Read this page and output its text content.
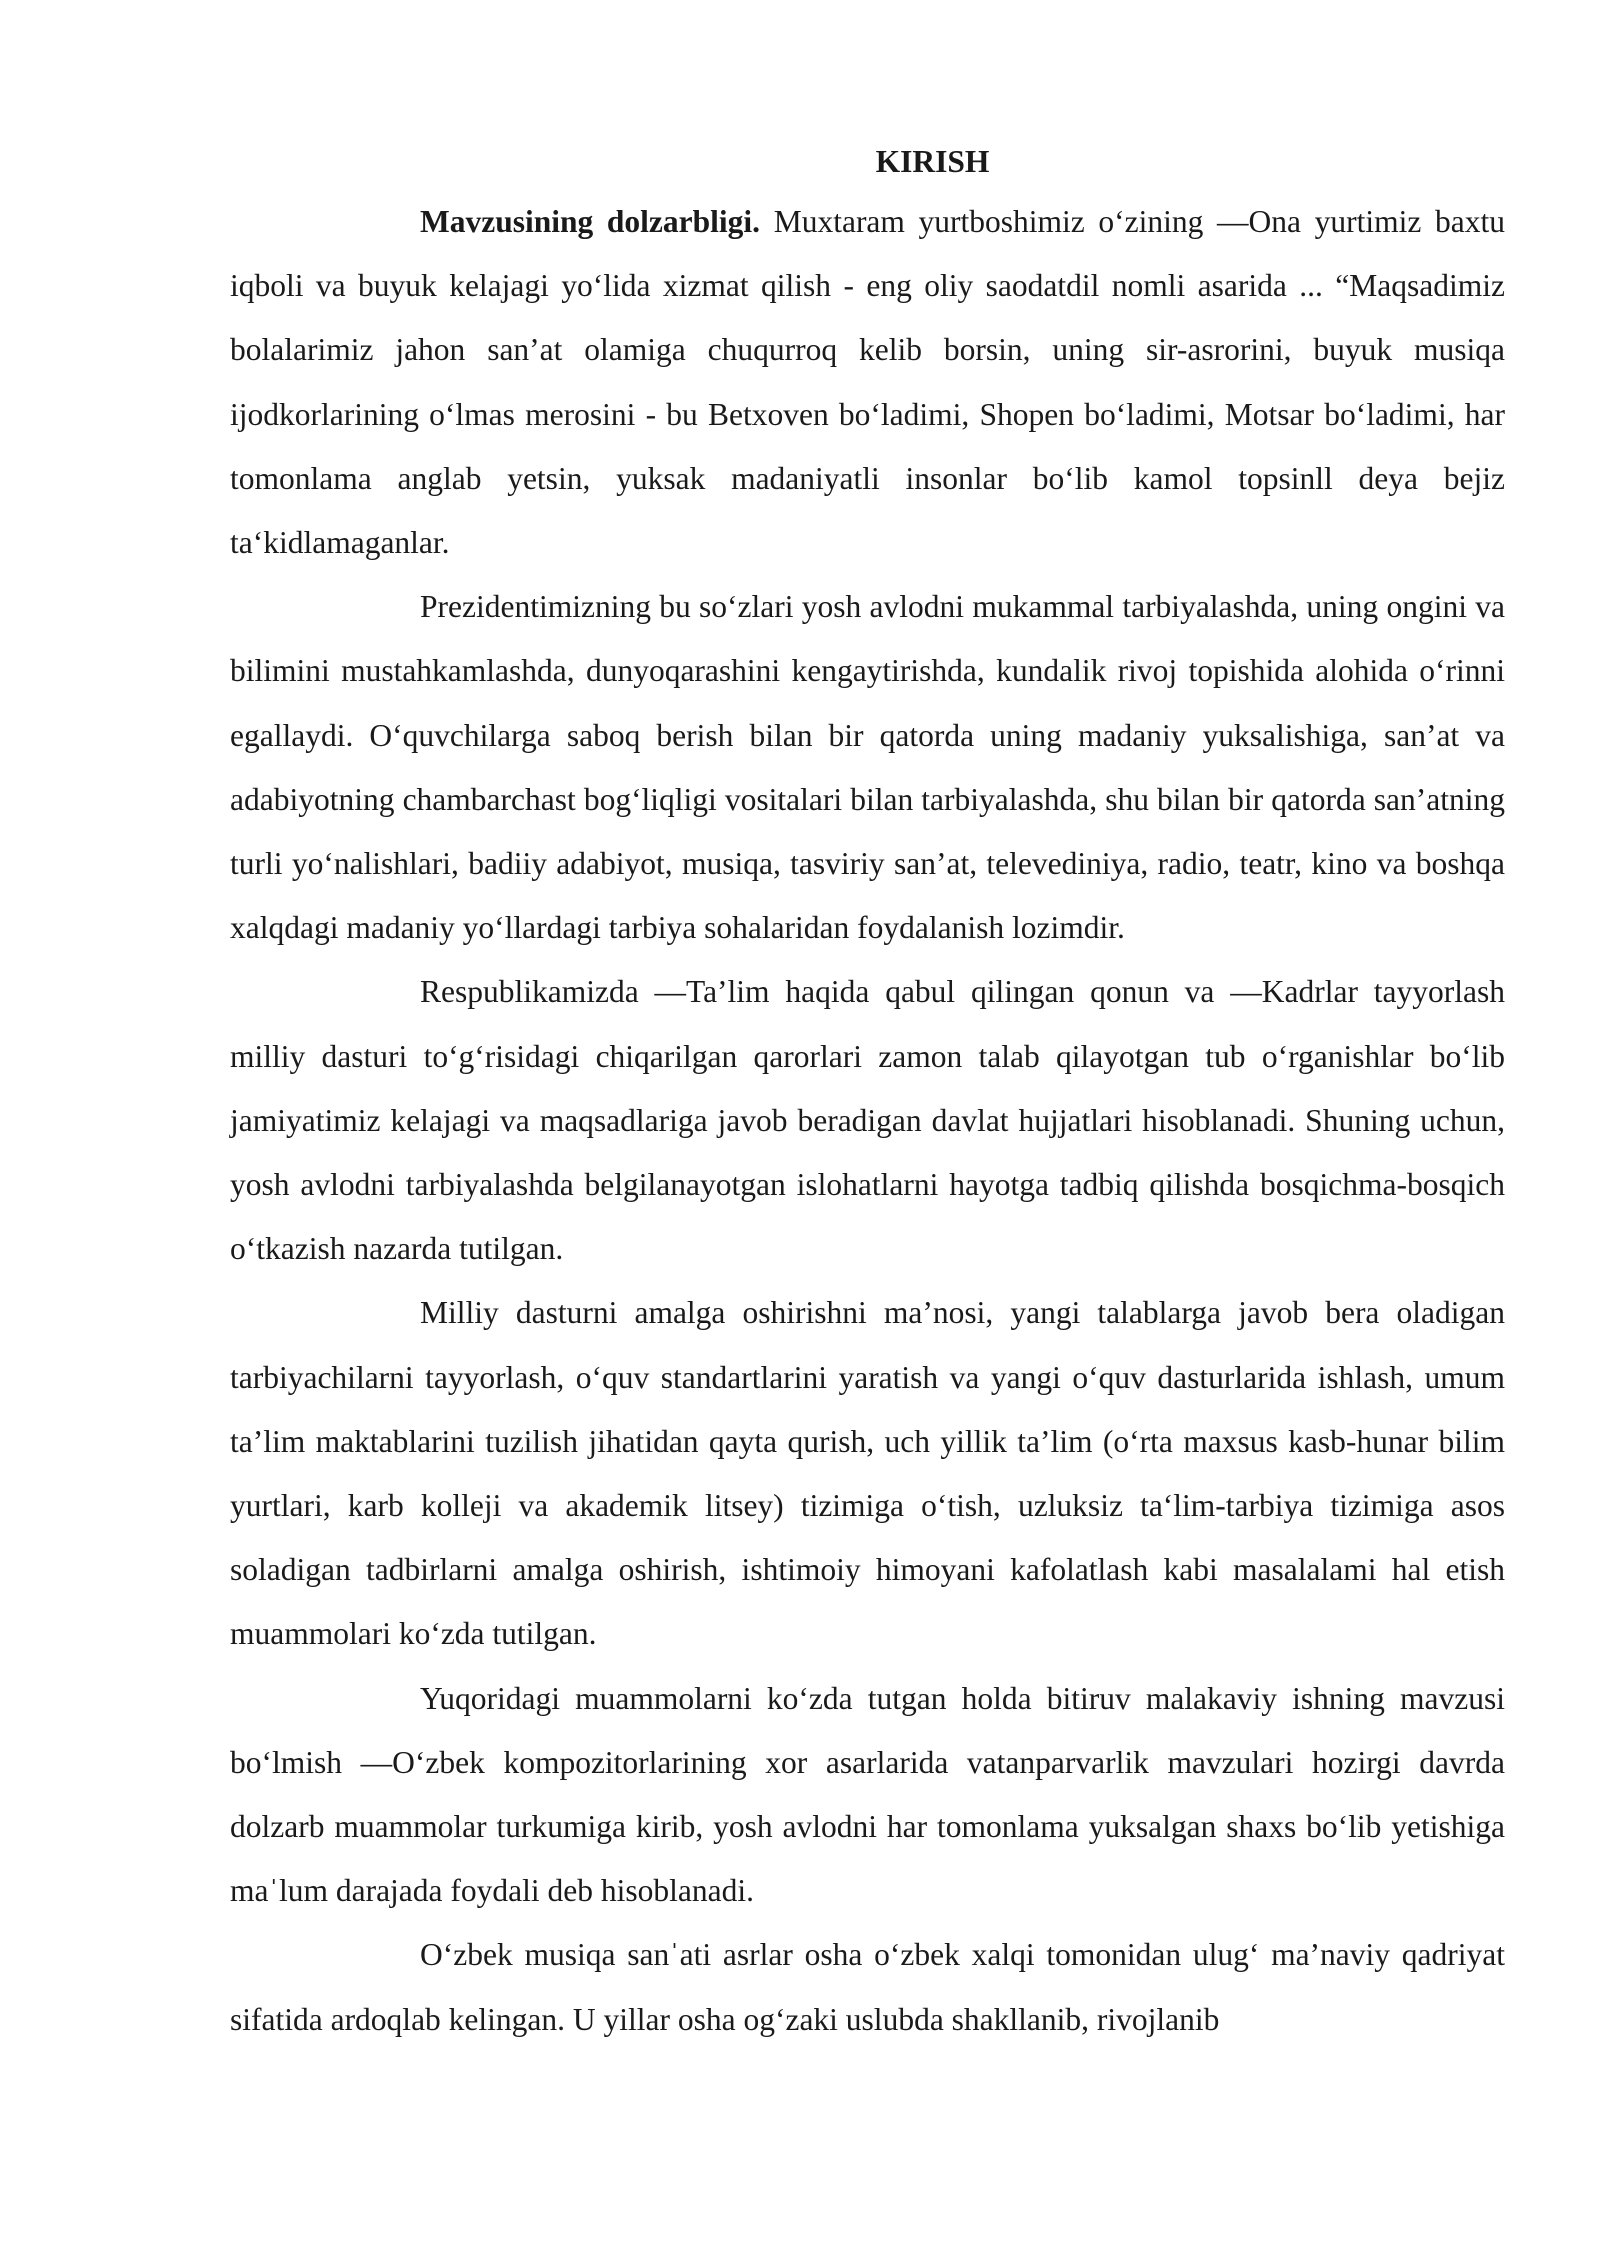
KIRISH

Mavzusining dolzarbligi. Muxtaram yurtboshimiz o‘zining ―Ona yurtimiz baxtu iqboli va buyuk kelajagi yo‘lida xizmat qilish - eng oliy saodatdil nomli asarida ... “Maqsadimiz bolalarimiz jahon san’at olamiga chuqurroq kelib borsin, uning sir-asrorini, buyuk musiqa ijodkorlarining o‘lmas merosini - bu Betxoven bo‘ladimi, Shopen bo‘ladimi, Motsar bo‘ladimi, har tomonlama anglab yetsin, yuksak madaniyatli insonlar bo‘lib kamol topsinll deya bejiz ta‘kidlamaganlar.

Prezidentimizning bu so‘zlari yosh avlodni mukammal tarbiyalashda, uning ongini va bilimini mustahkamlashda, dunyoqarashini kengaytirishda, kundalik rivoj topishida alohida o‘rinni egallaydi. O‘quvchilarga saboq berish bilan bir qatorda uning madaniy yuksalishiga, san’at va adabiyotning chambarchast bog‘liqligi vositalari bilan tarbiyalashda, shu bilan bir qatorda san’atning turli yo‘nalishlari, badiiy adabiyot, musiqa, tasviriy san’at, televediniya, radio, teatr, kino va boshqa xalqdagi madaniy yo‘llardagi tarbiya sohalaridan foydalanish lozimdir.

Respublikamizda ―Ta’lim haqida qabul qilingan qonun va ―Kadrlar tayyorlash milliy dasturi to‘g‘risidagi chiqarilgan qarorlari zamon talab qilayotgan tub o‘rganishlar bo‘lib jamiyatimiz kelajagi va maqsadlariga javob beradigan davlat hujjatlari hisoblanadi. Shuning uchun, yosh avlodni tarbiyalashda belgilanayotgan islohatlarni hayotga tadbiq qilishda bosqichma-bosqich o‘tkazish nazarda tutilgan.

Milliy dasturni amalga oshirishni ma’nosi, yangi talablarga javob bera oladigan tarbiyachilarni tayyorlash, o‘quv standartlarini yaratish va yangi o‘quv dasturlarida ishlash, umum ta’lim maktablarini tuzilish jihatidan qayta qurish, uch yillik ta’lim (o‘rta maxsus kasb-hunar bilim yurtlari, karb kolleji va akademik litsey) tizimiga o‘tish, uzluksiz ta‘lim-tarbiya tizimiga asos soladigan tadbirlarni amalga oshirish, ishtimoiy himoyani kafolatlash kabi masalalami hal etish muammolari ko‘zda tutilgan.

Yuqoridagi muammolarni ko‘zda tutgan holda bitiruv malakaviy ishning mavzusi bo‘lmish ―O‘zbek kompozitorlarining xor asarlarida vatanparvarlik mavzulari hozirgi davrda dolzarb muammolar turkumiga kirib, yosh avlodni har tomonlama yuksalgan shaxs bo‘lib yetishiga maˈlum darajada foydali deb hisoblanadi.

O‘zbek musiqa sanˈati asrlar osha o‘zbek xalqi tomonidan ulug‘ ma’naviy qadriyat sifatida ardoqlab kelingan. U yillar osha og‘zaki uslubda shakllanib, rivojlanib
